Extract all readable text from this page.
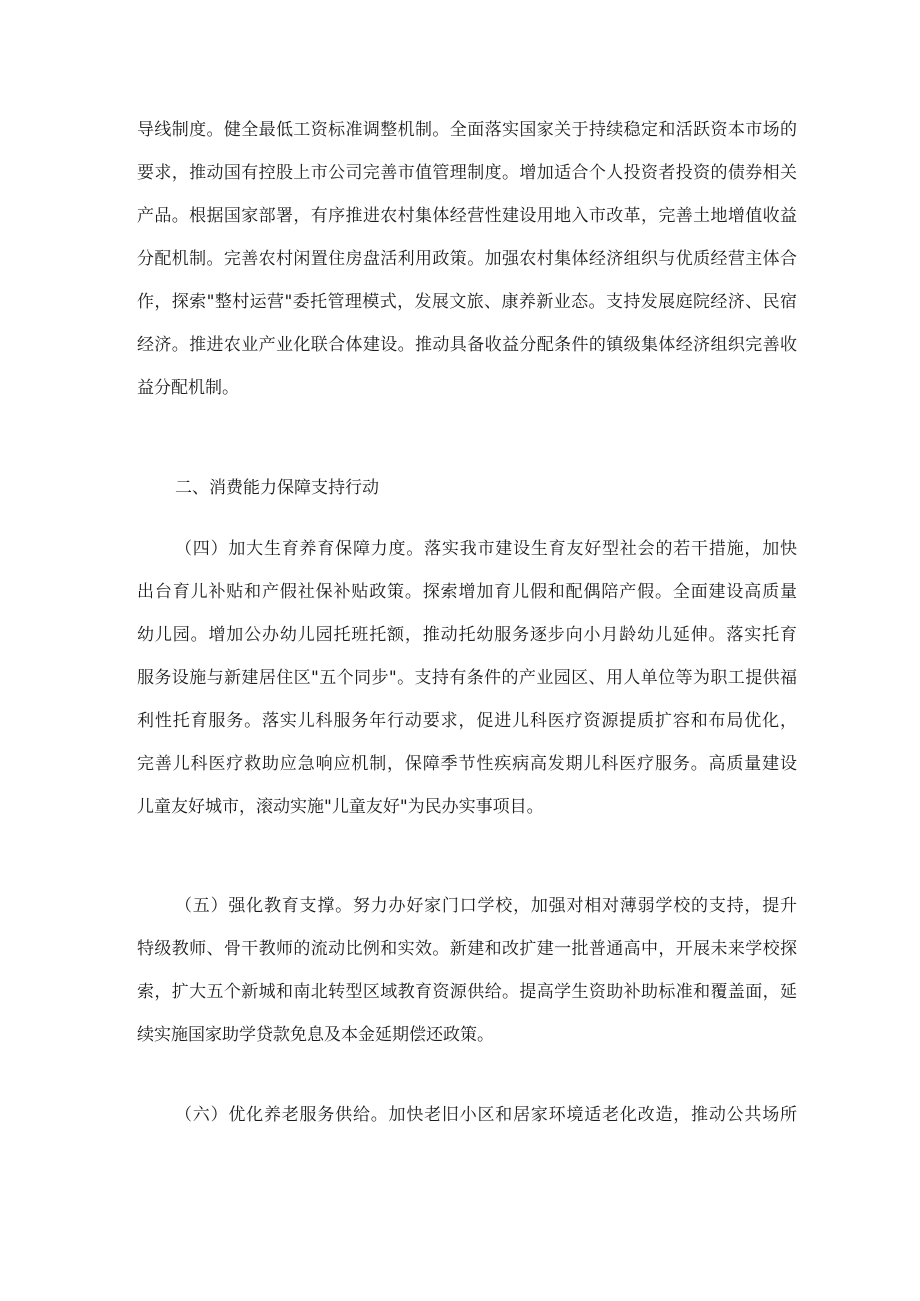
导线制度。健全最低工资标准调整机制。全面落实国家关于持续稳定和活跃资本市场的
要求，推动国有控股上市公司完善市值管理制度。增加适合个人投资者投资的债券相关
产品。根据国家部署，有序推进农村集体经营性建设用地入市改革，完善土地增值收益
分配机制。完善农村闲置住房盘活利用政策。加强农村集体经济组织与优质经营主体合
作，探索"整村运营"委托管理模式，发展文旅、康养新业态。支持发展庭院经济、民宿
经济。推进农业产业化联合体建设。推动具备收益分配条件的镇级集体经济组织完善收
益分配机制。
二、消费能力保障支持行动
（四）加大生育养育保障力度。落实我市建设生育友好型社会的若干措施，加快
出台育儿补贴和产假社保补贴政策。探索增加育儿假和配偶陪产假。全面建设高质量
幼儿园。增加公办幼儿园托班托额，推动托幼服务逐步向小月龄幼儿延伸。落实托育
服务设施与新建居住区"五个同步"。支持有条件的产业园区、用人单位等为职工提供福
利性托育服务。落实儿科服务年行动要求，促进儿科医疗资源提质扩容和布局优化，
完善儿科医疗救助应急响应机制，保障季节性疾病高发期儿科医疗服务。高质量建设
儿童友好城市，滚动实施"儿童友好"为民办实事项目。
（五）强化教育支撑。努力办好家门口学校，加强对相对薄弱学校的支持，提升
特级教师、骨干教师的流动比例和实效。新建和改扩建一批普通高中，开展未来学校探
索，扩大五个新城和南北转型区域教育资源供给。提高学生资助补助标准和覆盖面，延
续实施国家助学贷款免息及本金延期偿还政策。
（六）优化养老服务供给。加快老旧小区和居家环境适老化改造，推动公共场所
